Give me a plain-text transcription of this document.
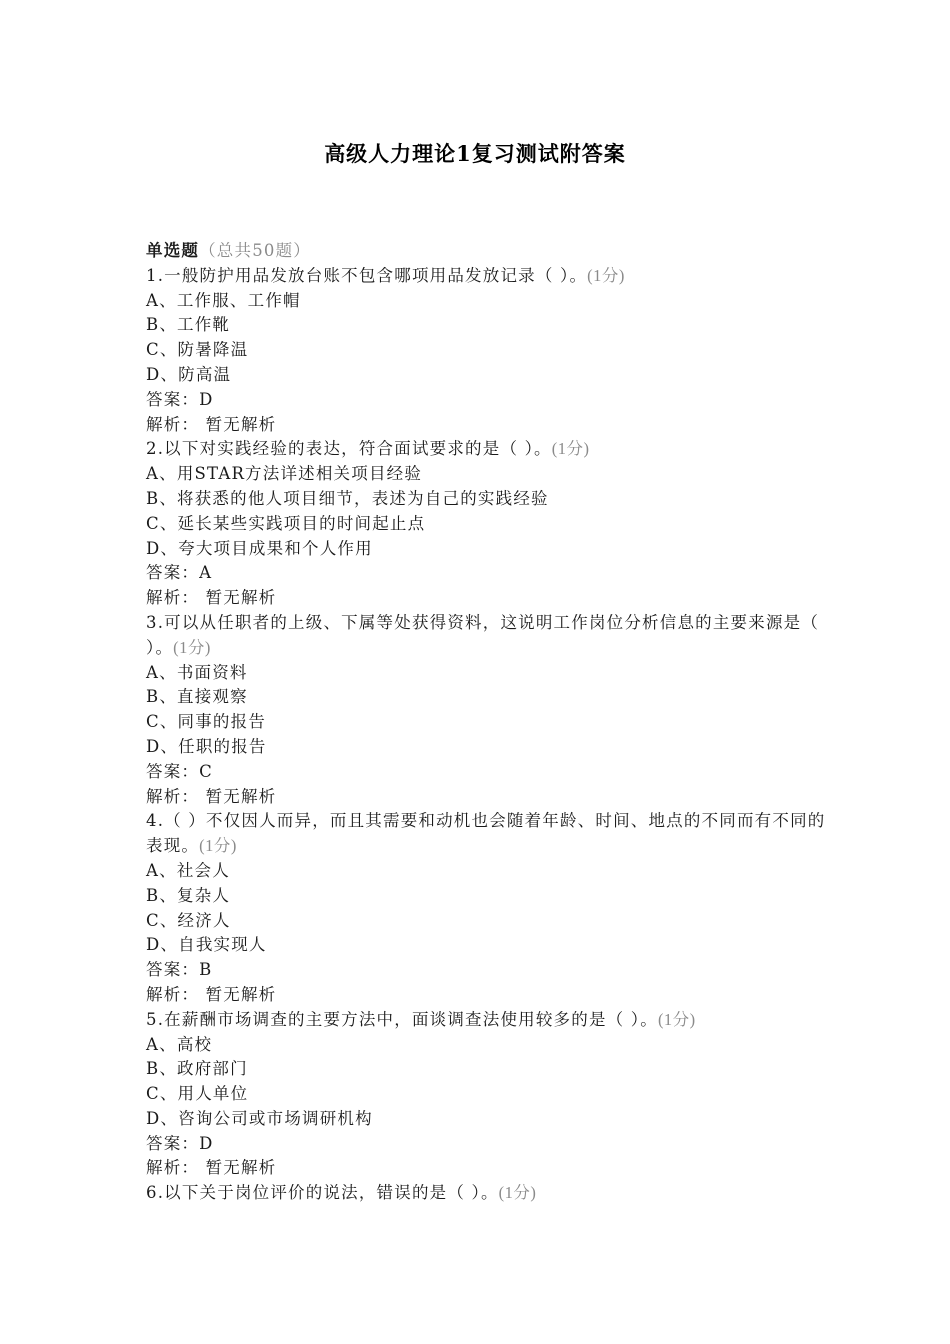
高级人力理论1复习测试附答案
单选题（总共50题）
1.一般防护用品发放台账不包含哪项用品发放记录（ ）。(1分)
A、工作服、工作帽
B、工作靴
C、防暑降温
D、防高温
答案：D
解析： 暂无解析
2.以下对实践经验的表达，符合面试要求的是（ ）。(1分)
A、用STAR方法详述相关项目经验
B、将获悉的他人项目细节，表述为自己的实践经验
C、延长某些实践项目的时间起止点
D、夸大项目成果和个人作用
答案：A
解析： 暂无解析
3.可以从任职者的上级、下属等处获得资料，这说明工作岗位分析信息的主要来源是（ ）。(1分)
A、书面资料
B、直接观察
C、同事的报告
D、任职的报告
答案：C
解析： 暂无解析
4.（ ）不仅因人而异，而且其需要和动机也会随着年龄、时间、地点的不同而有不同的表现。(1分)
A、社会人
B、复杂人
C、经济人
D、自我实现人
答案：B
解析： 暂无解析
5.在薪酬市场调查的主要方法中，面谈调查法使用较多的是（ ）。(1分)
A、高校
B、政府部门
C、用人单位
D、咨询公司或市场调研机构
答案：D
解析： 暂无解析
6.以下关于岗位评价的说法，错误的是（ ）。(1分)
